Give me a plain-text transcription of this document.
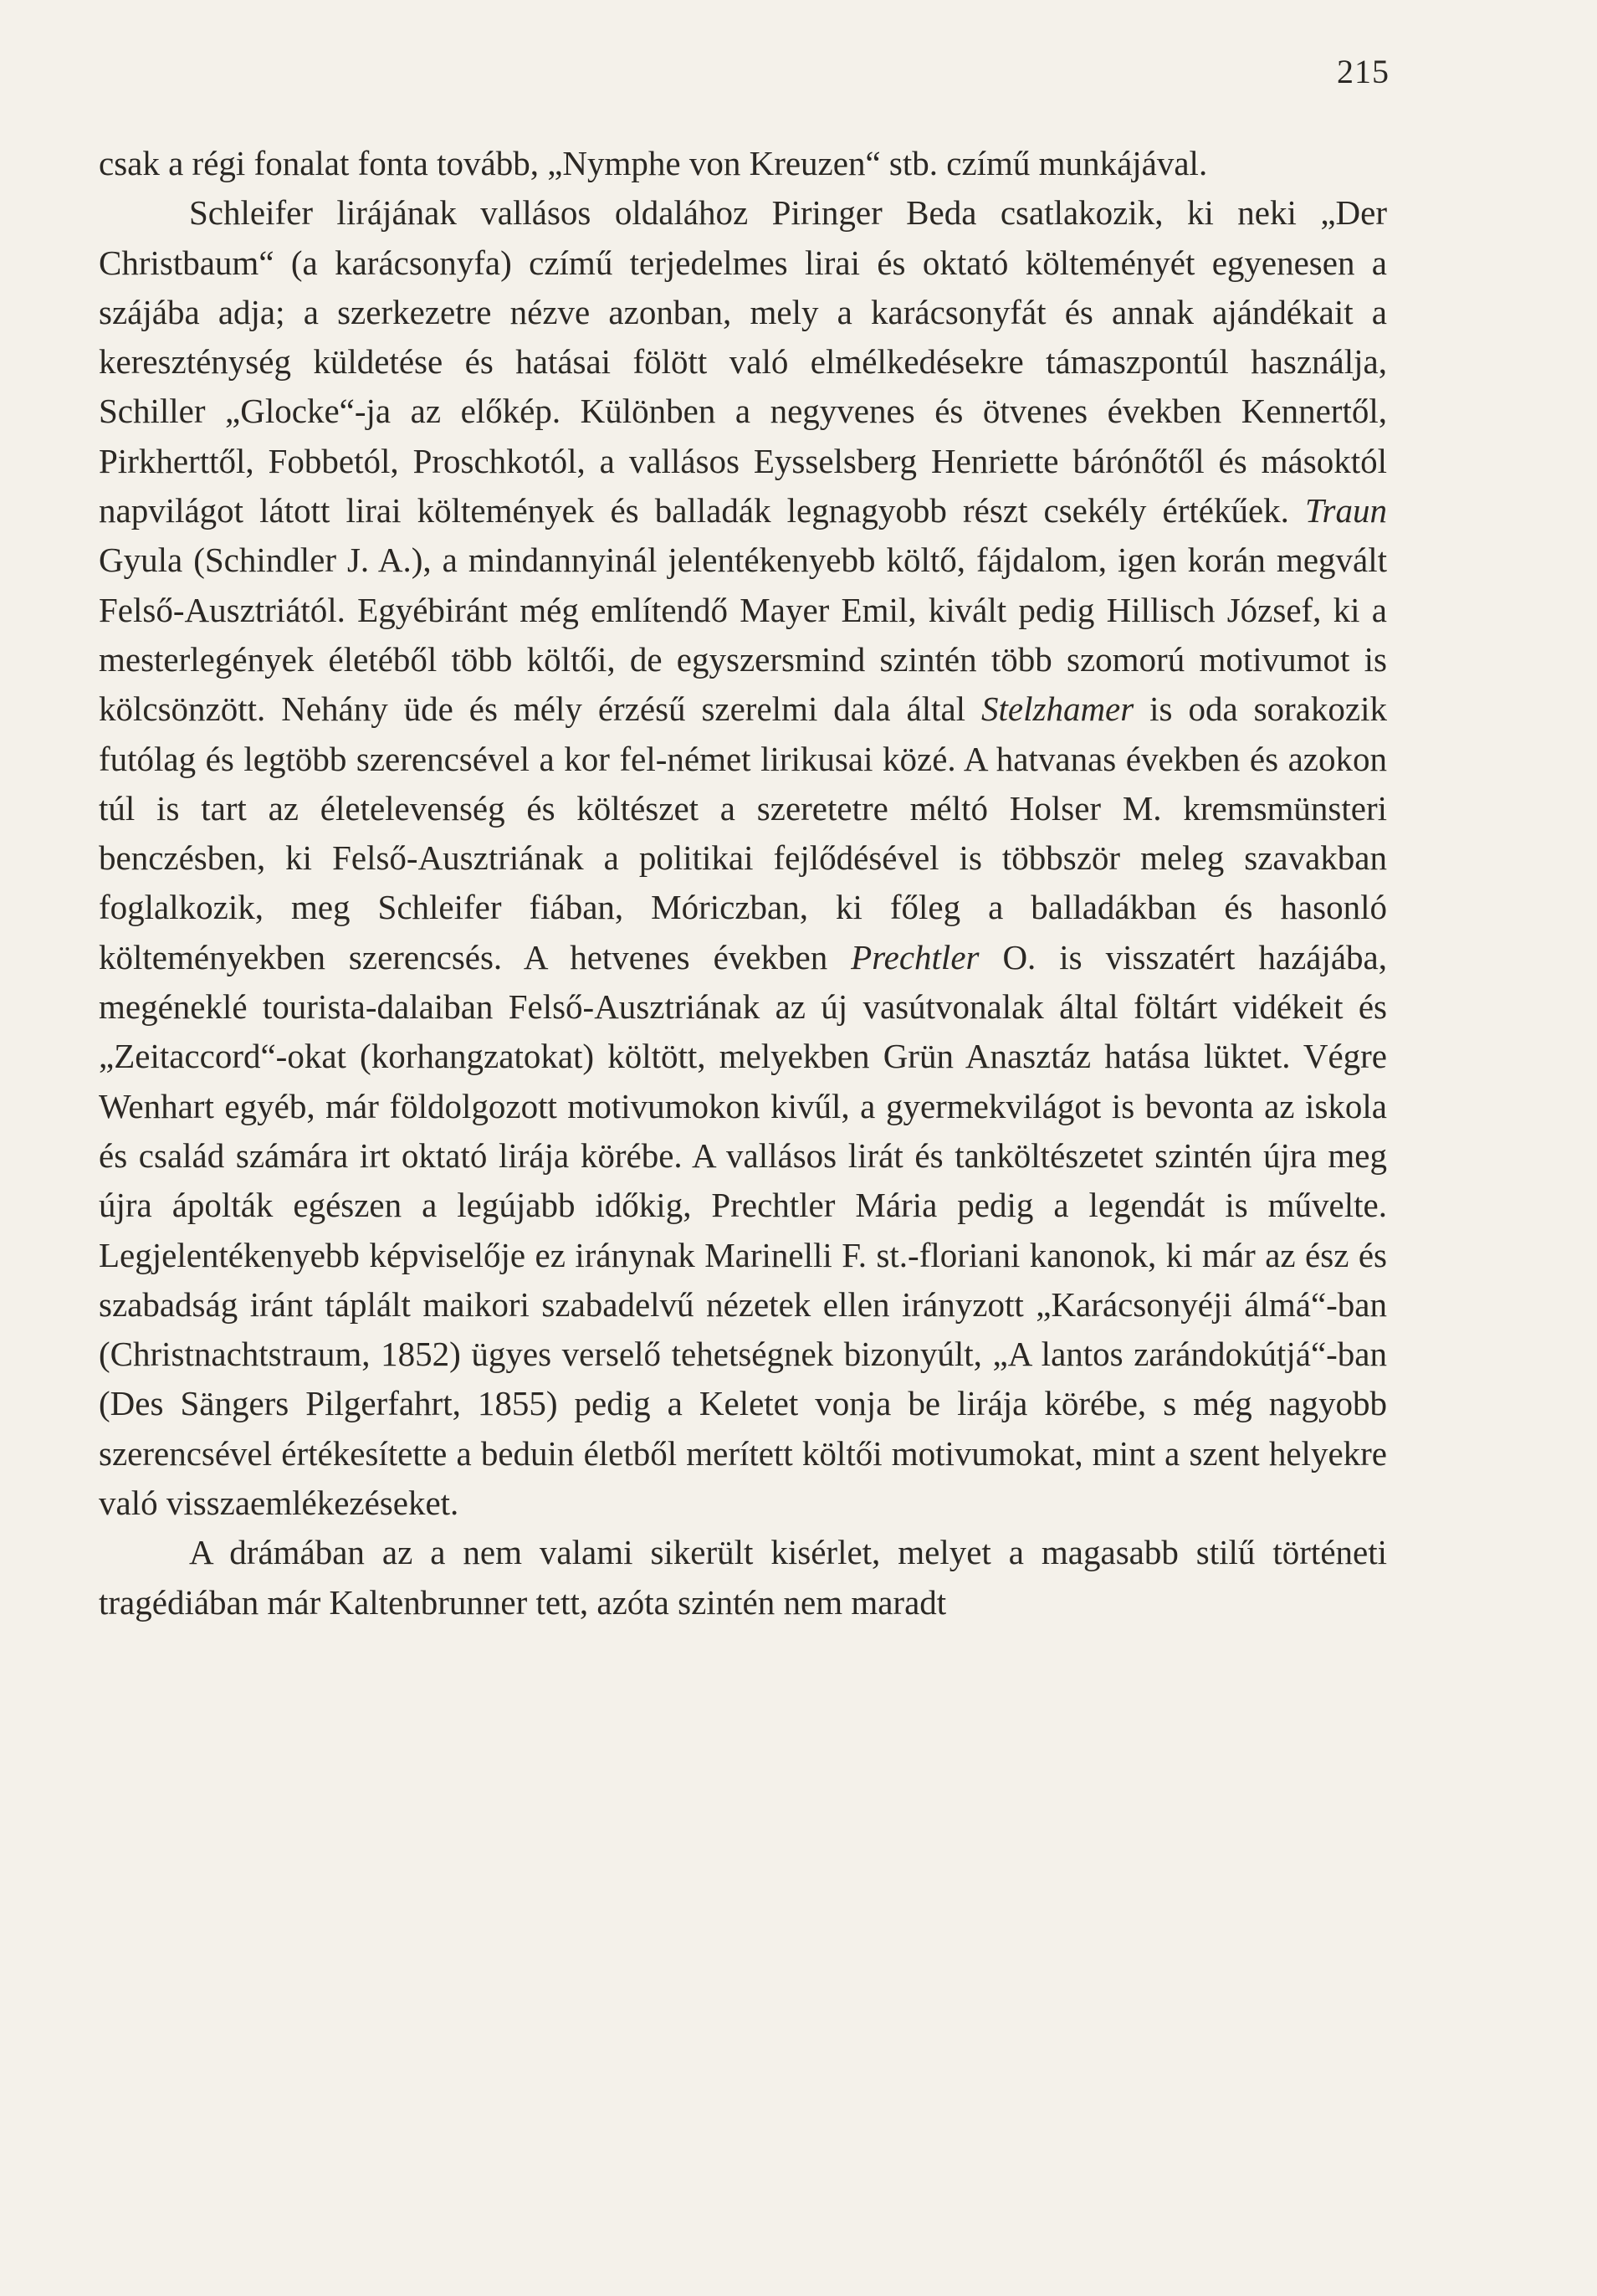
215

csak a régi fonalat fonta tovább, „Nymphe von Kreuzen“ stb. czímű munkájával.

Schleifer lirájának vallásos oldalához Piringer Beda csatlakozik, ki neki „Der Christbaum“ (a karácsonyfa) czímű terjedelmes lirai és oktató költeményét egyenesen a szájába adja; a szerkezetre nézve azonban, mely a karácsonyfát és annak ajándékait a kereszténység küldetése és hatásai fölött való elmélkedésekre támaszpontúl használja, Schiller „Glocke“-ja az előkép. Különben a negyvenes és ötvenes években Kennertől, Pirkherttől, Fobbetól, Proschkotól, a vallásos Eysselsberg Henriette bárónőtől és másoktól napvilágot látott lirai költemények és balladák legnagyobb részt csekély értékűek. Traun Gyula (Schindler J. A.), a mindannyinál jelentékenyebb költő, fájdalom, igen korán megvált Felső-Ausztriától. Egyébiránt még említendő Mayer Emil, kivált pedig Hillisch József, ki a mesterlegények életéből több költői, de egyszersmind szintén több szomorú motivumot is kölcsönzött. Nehány üde és mély érzésű szerelmi dala által Stelzhamer is oda sorakozik futólag és legtöbb szerencsével a kor fel-német lirikusai közé. A hatvanas években és azokon túl is tart az életelevenség és költészet a szeretetre méltó Holser M. kremsmünsteri benczésben, ki Felső-Ausztriának a politikai fejlődésével is többször meleg szavakban foglalkozik, meg Schleifer fiában, Móriczban, ki főleg a balladákban és hasonló költeményekben szerencsés. A hetvenes években Prechtler O. is visszatért hazájába, megéneklé tourista-dalaiban Felső-Ausztriának az új vasútvonalak által föltárt vidékeit és „Zeitaccord“-okat (korhangzatokat) költött, melyekben Grün Anasztáz hatása lüktet. Végre Wenhart egyéb, már földolgozott motivumokon kivűl, a gyermekvilágot is bevonta az iskola és család számára irt oktató lirája körébe. A vallásos lirát és tanköltészetet szintén újra meg újra ápolták egészen a legújabb időkig, Prechtler Mária pedig a legendát is művelte. Legjelentékenyebb képviselője ez iránynak Marinelli F. st.-floriani kanonok, ki már az ész és szabadság iránt táplált maikori szabadelvű nézetek ellen irányzott „Karácsonyéji álmá“-ban (Christnachtstraum, 1852) ügyes verselő tehetségnek bizonyúlt, „A lantos zarándokútjá“-ban (Des Sängers Pilgerfahrt, 1855) pedig a Keletet vonja be lirája körébe, s még nagyobb szerencsével értékesítette a beduin életből merített költői motivumokat, mint a szent helyekre való visszaemlékezéseket.

A drámában az a nem valami sikerült kisérlet, melyet a magasabb stilű történeti tragédiában már Kaltenbrunner tett, azóta szintén nem maradt
